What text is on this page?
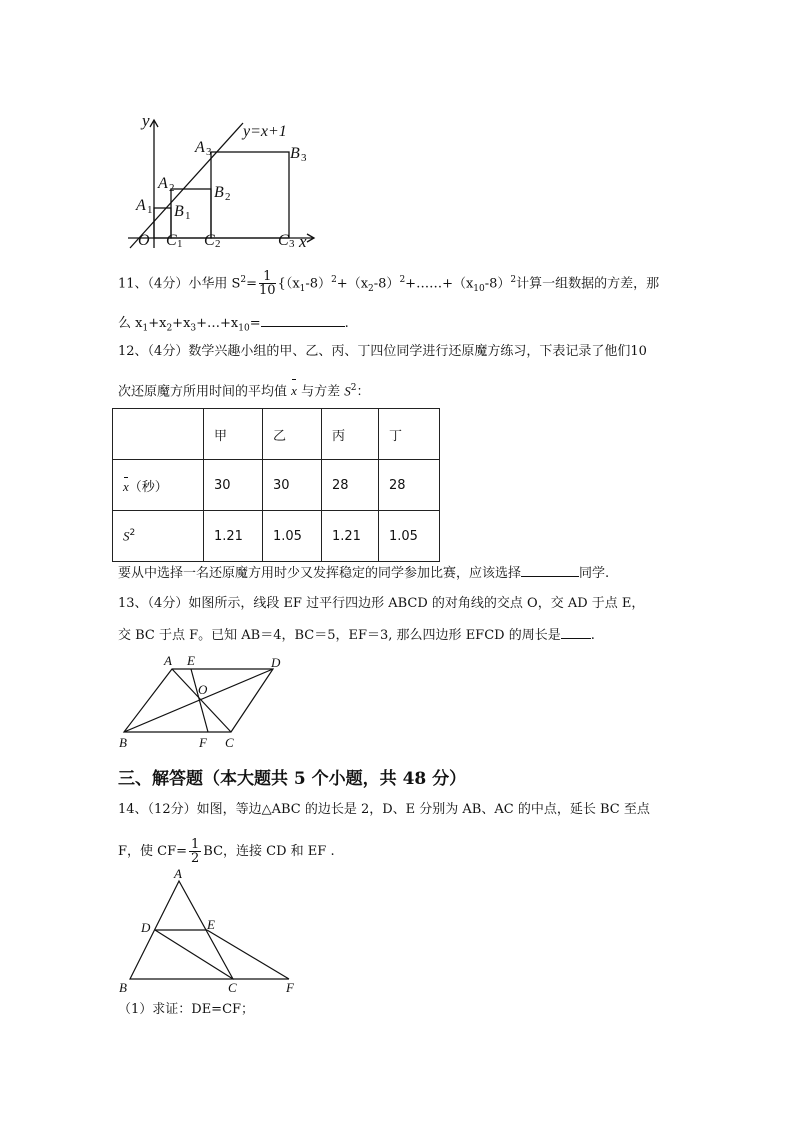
y
x
O
y=x+1
A 1
A 2
A 3
B 1
B 2
B 3
C 1 C 2	C 3
11、（4分）小华用 $S^2= \frac{1}{10}$ {$(x_1-8)^2+(x_2-8)^2+\dots\dots+(x_{10}-8)^2$计算一组数据的方差，那
么 $x_1+x_2+x_3+\dots+x_{10}=$	.
12、（4分）数学兴趣小组的甲、乙、丙、丁四位同学进行还原魔方练习，下表记录了他们10
次还原魔方所用时间的平均值 x 与方差 $S^2$：
	甲	乙	丙	丁
x（秒）	30	30	28	28
$S^2$	1.21	1.05	1.21	1.05
要从中选择一名还原魔方用时少又发挥稳定的同学参加比赛，应该选择	同学.
13、（4分）如图所示，线段 EF 过平行四边形 ABCD 的对角线的交点 O，交 AD 于点 E，
交 BC 于点 F。已知 AB＝4，BC＝5，EF＝3, 那么四边形 EFCD 的周长是 .
A E	D
O
B	F C
三、解答题（本大题共 5 个小题，共 48 分）
14、（12分）如图，等边△ABC 的边长是 2，D、E 分别为 AB、AC 的中点，延长 BC 至点
F，使 $CF= \frac{1}{2}$ BC，连接 CD 和 EF .
A
D	E
B	C	F
（1）求证：DE=CF；
